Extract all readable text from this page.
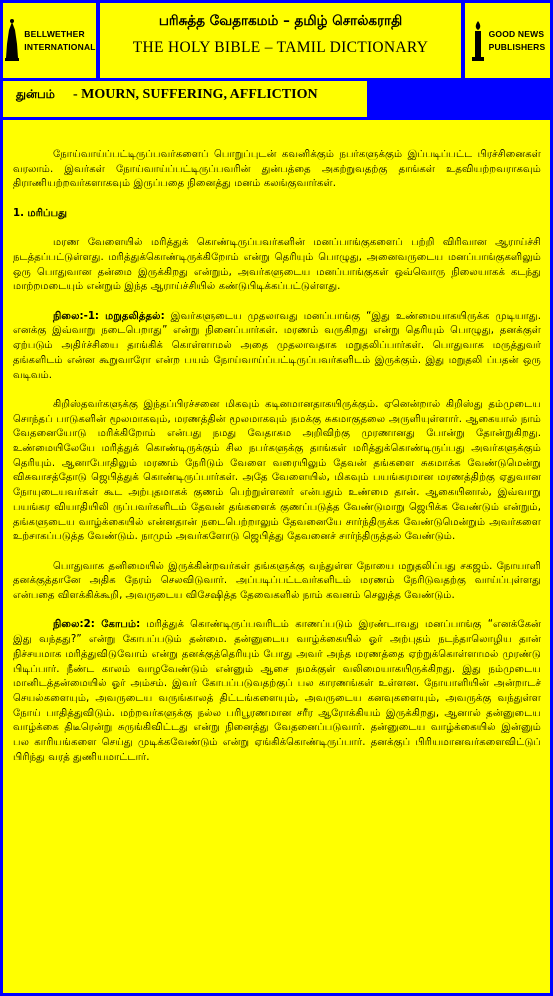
BELLWETHER
INTERNATIONAL
பரிசுத்த வேதாகமம் – தமிழ் சொல்கராதி
THE HOLY BIBLE – TAMIL DICTIONARY
GOOD NEWS
PUBLISHERS
துன்பம் - MOURN, SUFFERING, AFFLICTION

நோய்வாய்ப்பட்டிருப்பவர்களைப் பொறுப்புடன் கவனிக்கும் நபர்களுக்கும் இப்படிப்பட்ட பிரச்சினைகள் வரலாம். இவர்கள் நோய்வாய்ப்பட்டிருப்பவரின் துன்பத்தை அகற்றுவதற்கு தாங்கள் உதவியற்றவராகவும் திராணியற்றவர்களாகவும் இருப்பதை நினைத்து மனம் கலங்குவார்கள்.

1. மரிப்பது

மரண வேளையில் மரித்துக் கொண்டிருப்பவர்களின் மனப்பாங்குகளைப் பற்றி விரிவான ஆராய்ச்சி நடத்தப்பட்டுள்ளது. மரித்துக்கொண்டிருக்கிறோம் என்று தெரியும் பொழுது, அனைவருடைய மனப்பாங்குகளிலும் ஒரு பொதுவான தன்மை இருக்கிறது என்றும், அவர்களுடைய மனப்பாங்குகள் ஒவ்வொரு நிலையாகக் கடந்து மாற்றமடையும் என்றும் இந்த ஆராய்ச்சியில் கண்டுபிடிக்கப்பட்டுள்ளது.

நிலை:-1: மறுதலித்தல்: இவர்களுடைய முதலாவது மனப்பாங்கு “இது உண்மையாகயிருக்க முடியாது. எனக்கு இவ்வாறு நடைபெறாது” என்று நினைப்பார்கள். மரணம் வருகிறது என்று தெரியும் பொழுது, தனக்குள் ஏற்படும் அதிர்ச்சியை தாங்கிக் கொள்ளாமல் அதை முதலாவதாக மறுதலிப்பார்கள். பொதுவாக மருத்துவர் தங்களிடம் என்ன கூறுவாரோ என்ற பயம் நோய்வாய்ப்பட்டிருப்பவர்களிடம் இருக்கும். இது மறுதலி ப்பதன் ஒரு வடிவம்.

கிறிஸ்தவர்களுக்கு இந்தப்பிரச்சனை மிகவும் கடினமானதாகயிருக்கும். ஏனென்றால் கிறிஸ்து தம்முடைய சொந்தப் பாடுகளின் மூலமாகவும், மரணத்தின் மூலமாகவும் நமக்கு சுகமாகுதலை அருளியுள்ளார். ஆகையால் நாம் வேதனையோடு மரிக்கிறோம் என்பது நமது வேதாகம அறிவிற்கு முரணானது போன்று தோன்றுகிறது. உண்மையிலேயே மரித்துக் கொண்டிருக்கும் சில நபர்களுக்கு தாங்கள் மரித்துக்கொண்டிருப்பது அவர்களுக்கும் தெரியும். ஆனாபோதிலும் மரணம் நேரிடும் வேளை வரையிலும் தேவன் தங்களை சுகமாக்க வேண்டுமென்று விசுவாசத்தோடு ஜெபித்துக் கொண்டிருப்பார்கள். அதே வேளையில், மிகவும் பயங்கரமான மரணத்திற்கு ஏதுவான நோயுடையவர்கள் கூட அற்புதமாகக் குணம் பெற்றுள்ளனர் என்பதும் உண்மை தான். ஆகையினால், இவ்வாறு பயங்கர வியாதியிலி ருப்பவர்களிடம் தேவன் தங்களைக் குணப்படுத்த வேண்டுமாறு ஜெபிக்க வேண்டும் என்றும், தங்களுடைய வாழ்க்கையில் என்னதான் நடைபெற்றாலும் தேவனையே சார்ந்திருக்க வேண்டுமென்றும் அவர்களை உற்சாகப்படுத்த வேண்டும். நாமும் அவர்களோடு ஜெபித்து தேவனைச் சார்ந்திருத்தல் வேண்டும்.

பொதுவாக தனிமையில் இருக்கின்றவர்கள் தங்களுக்கு வந்துள்ள நோயை மறுதலிப்பது சகஜம். நோயாளி தனக்குத்தானே அதிக நேரம் செலவிடுவார். அப்படிப்பட்டவர்களிடம் மரணம் நேரிடுவதற்கு வாய்ப்புள்ளது என்பதை விளக்கிக்கூறி, அவருடைய விசேஷித்த தேவைகளில் நாம் கவனம் செலுத்த வேண்டும்.

நிலை:2: கோபம்: மரித்துக் கொண்டிருப்பவரிடம் காணப்படும் இரண்டாவது மனப்பாங்கு “எனக்கேன் இது வந்தது?” என்று கோபப்படும் தன்மை. தன்னுடைய வாழ்க்கையில் ஓர் அற்புதம் நடந்தாலொழிய தான் நிச்சயமாக மரித்துவிடுவோம் என்று தனக்குத்தெரியும் போது அவர் அந்த மரணத்தை ஏற்றுக்கொள்ளாமல் முரண்டு பிடிப்பார். நீண்ட காலம் வாழவேண்டும் என்னும் ஆசை நமக்குள் வலிமையாகயிருக்கிறது. இது நம்முடைய மானிடத்தன்மையில் ஓர் அம்சம். இவர் கோபப்படுவதற்குப் பல காரணங்கள் உள்ளன. நோயாளியின் அன்றாடச் செயல்களையும், அவருடைய வருங்காலத் திட்டங்களையும், அவருடைய கனவுகளையும், அவருக்கு வந்துள்ள நோய் பாதித்துவிடும். மற்றவர்களுக்கு நல்ல பரிபூரணமான சரீர ஆரோக்கியம் இருக்கிறது, ஆனால் தன்னுடைய வாழ்க்கை திடீரென்று சுருங்கிவிட்டது என்று நினைத்து வேதனைப்படுவார். தன்னுடைய வாழ்க்கையில் இன்னும் பல காரியங்களை செய்து முடிக்கவேண்டும் என்று ஏங்கிக்கொண்டிருப்பார். தனக்குப் பிரியமானவர்களைவிட்டுப் பிரிந்து வரத் துணியமாட்டார்.
